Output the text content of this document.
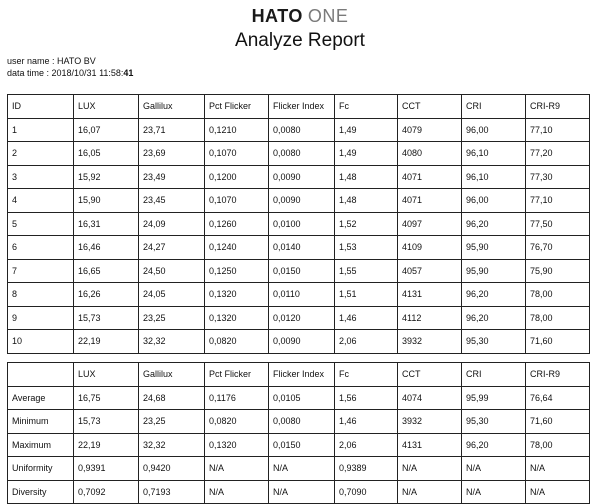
HATO ONE
Analyze Report
user name : HATO BV
data time : 2018/10/31 11:58:41
ID	LUX	Gallilux	Pct Flicker	Flicker Index	Fc	CCT	CRI	CRI-R9
1	16,07	23,71	0,1210	0,0080	1,49	4079	96,00	77,10
2	16,05	23,69	0,1070	0,0080	1,49	4080	96,10	77,20
3	15,92	23,49	0,1200	0,0090	1,48	4071	96,10	77,30
4	15,90	23,45	0,1070	0,0090	1,48	4071	96,00	77,10
5	16,31	24,09	0,1260	0,0100	1,52	4097	96,20	77,50
6	16,46	24,27	0,1240	0,0140	1,53	4109	95,90	76,70
7	16,65	24,50	0,1250	0,0150	1,55	4057	95,90	75,90
8	16,26	24,05	0,1320	0,0110	1,51	4131	96,20	78,00
9	15,73	23,25	0,1320	0,0120	1,46	4112	96,20	78,00
10	22,19	32,32	0,0820	0,0090	2,06	3932	95,30	71,60
	LUX	Gallilux	Pct Flicker	Flicker Index	Fc	CCT	CRI	CRI-R9
Average	16,75	24,68	0,1176	0,0105	1,56	4074	95,99	76,64
Minimum	15,73	23,25	0,0820	0,0080	1,46	3932	95,30	71,60
Maximum	22,19	32,32	0,1320	0,0150	2,06	4131	96,20	78,00
Uniformity	0,9391	0,9420	N/A	N/A	0,9389	N/A	N/A	N/A
Diversity	0,7092	0,7193	N/A	N/A	0,7090	N/A	N/A	N/A
